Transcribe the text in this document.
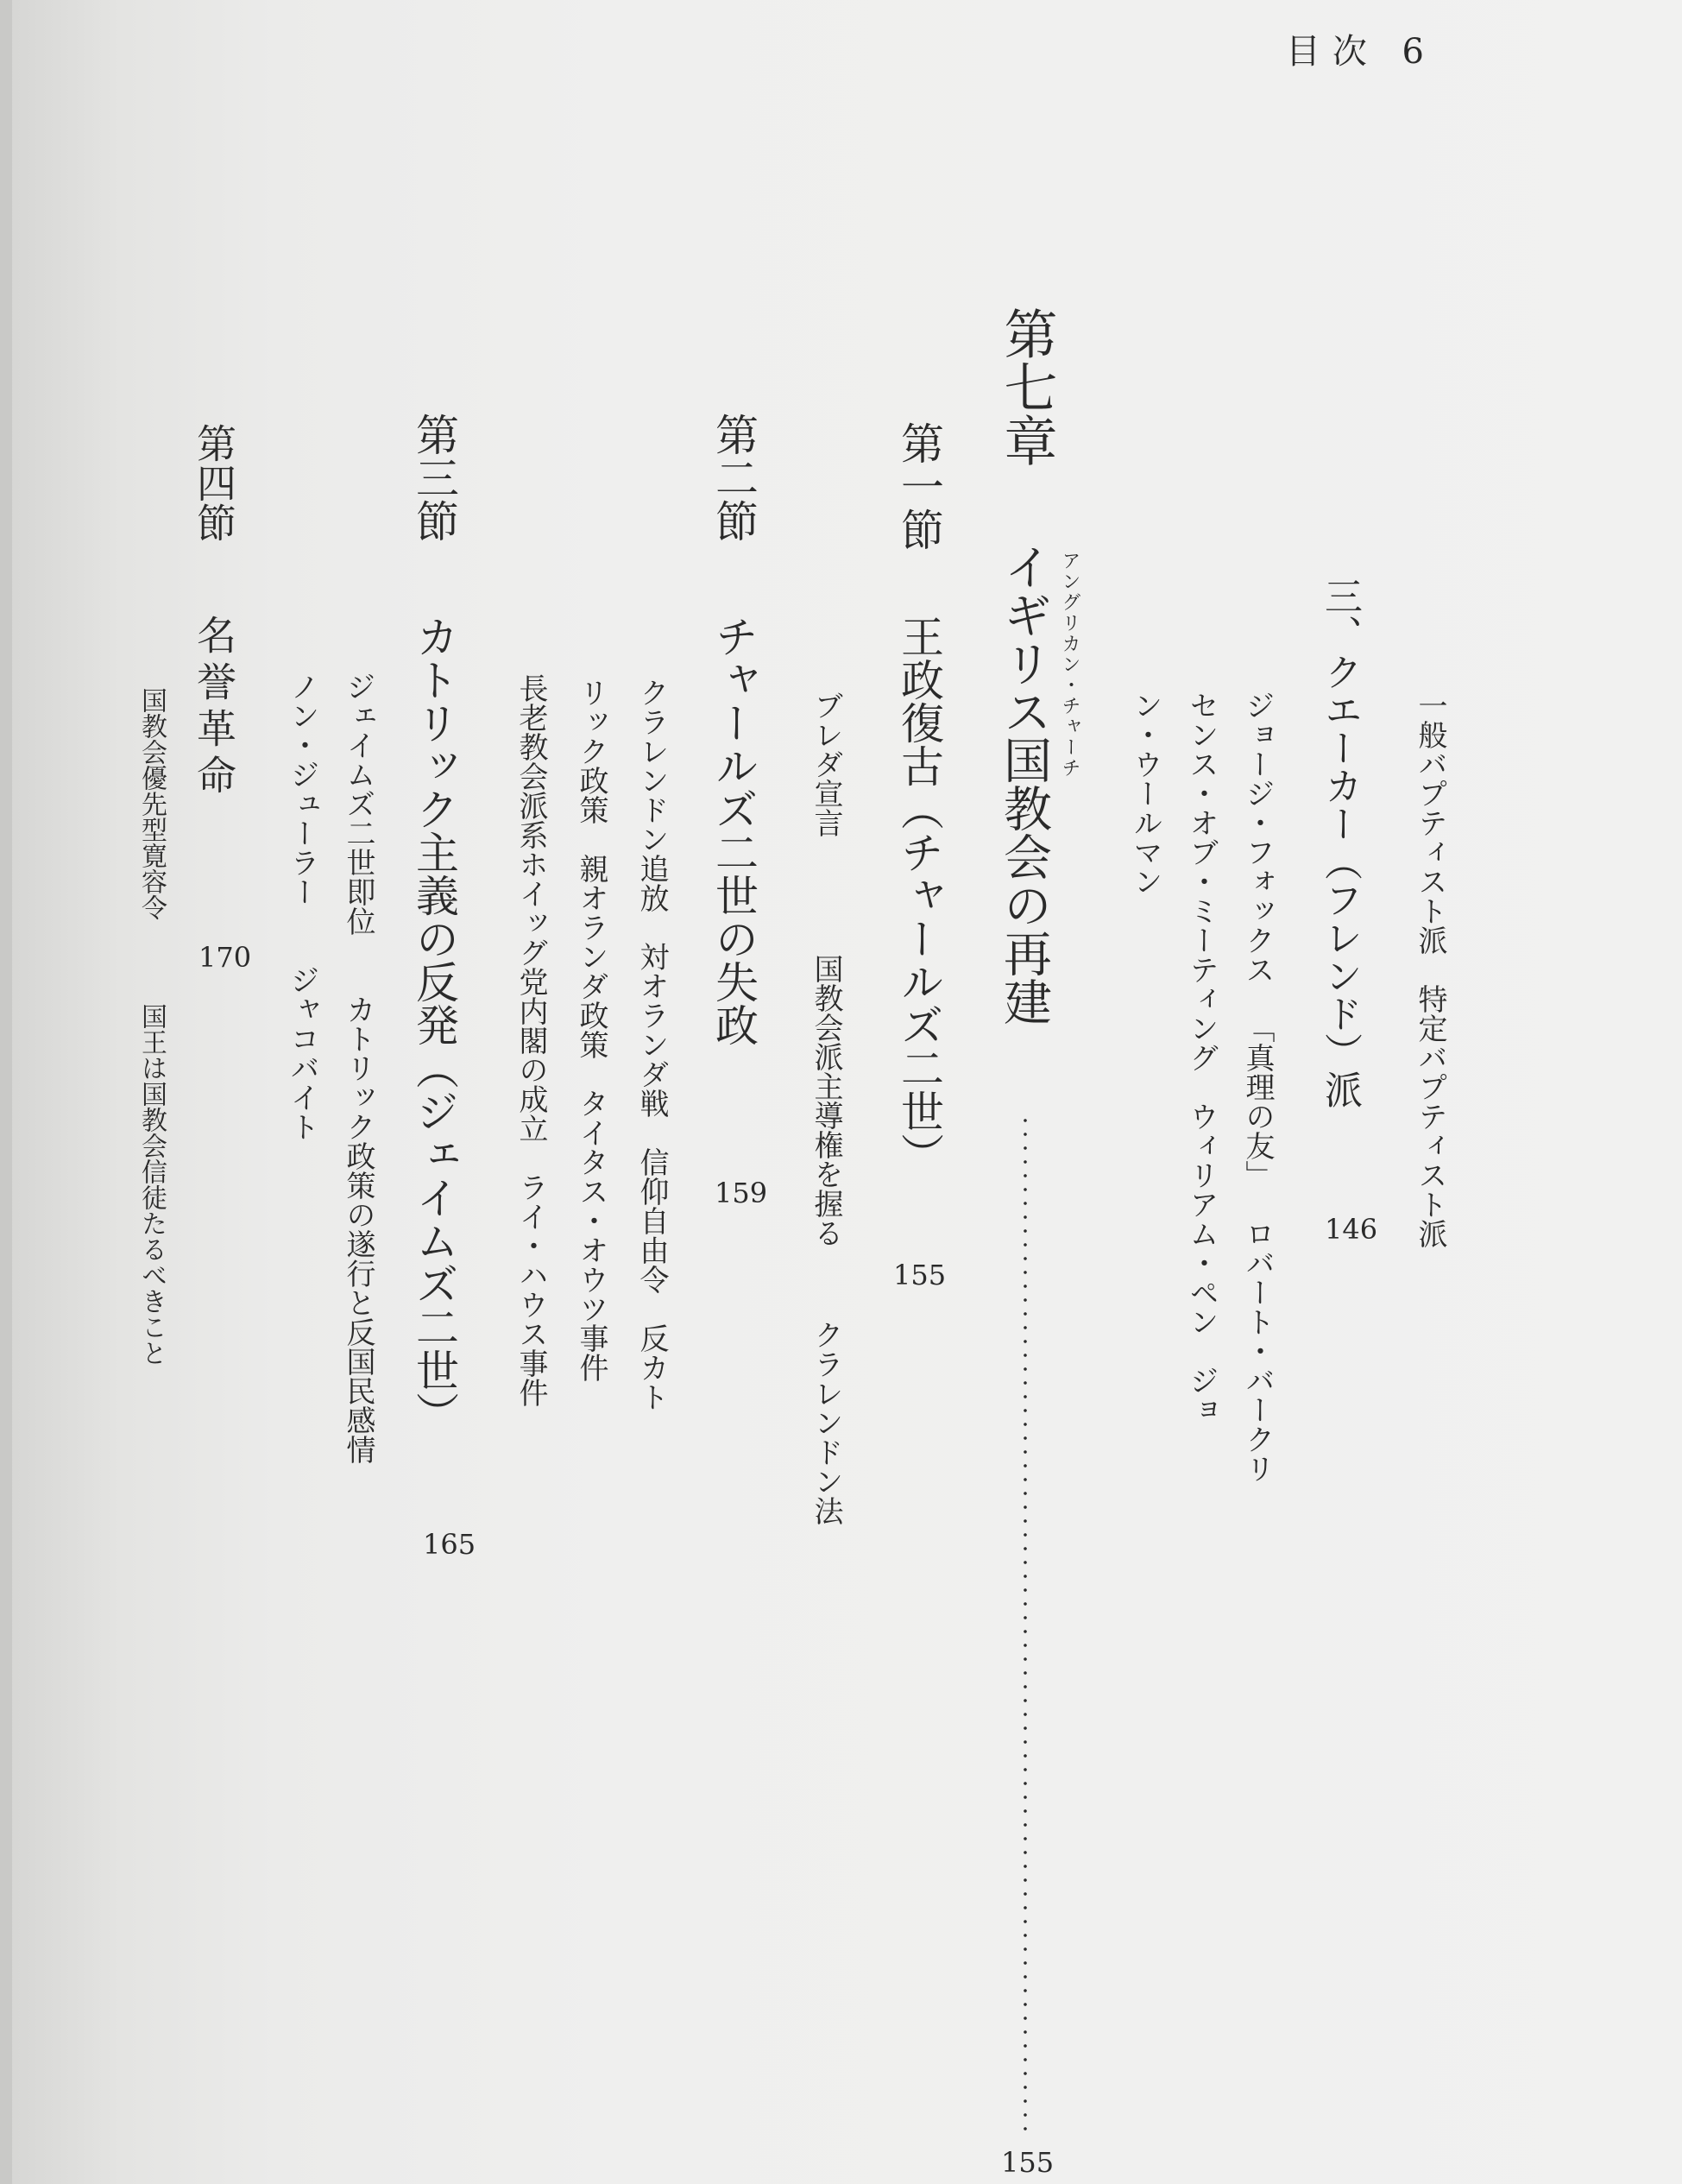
目次 6
一般バプティスト派特定バプティスト派
三、クエーカー（フレンド）派
146
ジョージ・フォックス「真理の友」ロバート・バークリ
センス・オブ・ミーティングウィリアム・ペンジョ
ン・ウールマン
第七章
アングリカン・チャーチ
イギリス国教会の再建
155
第一節
王政復古（チャールズ二世）
155
ブレダ宣言国教会派主導権を握るクラレンドン法
第二節
チャールズ二世の失政
159
クラレンドン追放対オランダ戦信仰自由令反カト
リック政策親オランダ政策タイタス・オウツ事件
長老教会派系ホイッグ党内閣の成立ライ・ハウス事件
第三節
カトリック主義の反発（ジェイムズ二世）
165
ジェイムズ二世即位カトリック政策の遂行と反国民感情
ノン・ジューラージャコバイト
第四節
名誉革命
170
国教会優先型寛容令国王は国教会信徒たるべきこと
